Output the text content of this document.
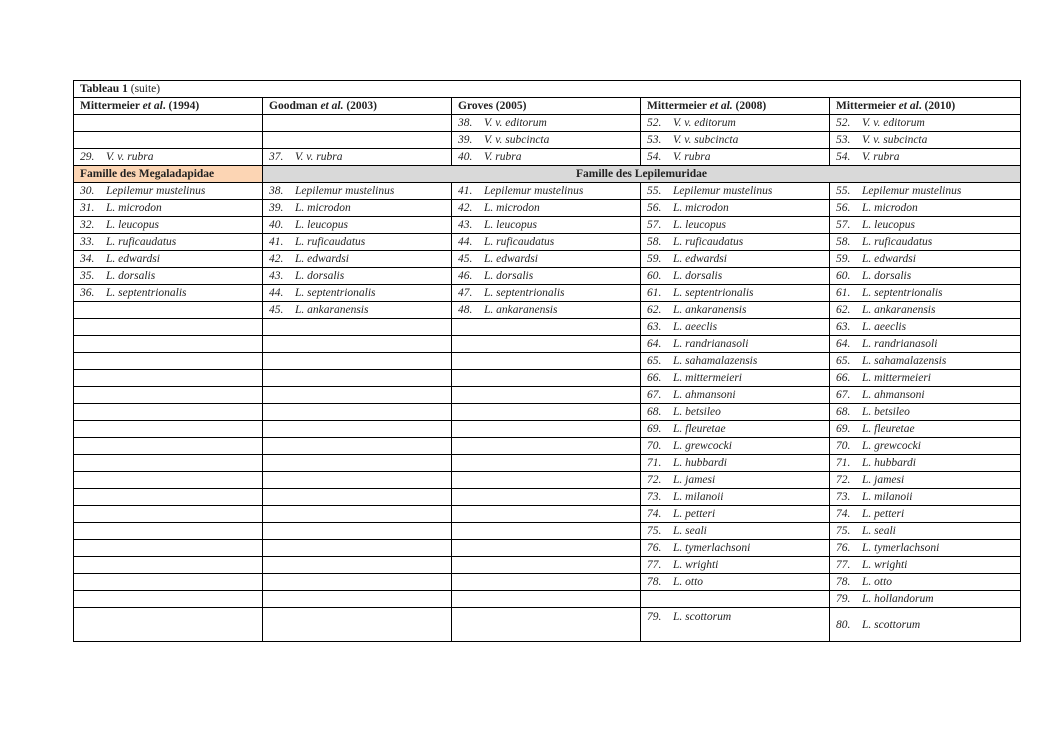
Tableau 1 (suite)				
Mittermeier et al. (1994)	Goodman et al. (2003)	Groves (2005)	Mittermeier et al. (2008)	Mittermeier et al. (2010)
		38. V. v. editorum	52. V. v. editorum	52. V. v. editorum
		39. V. v. subcincta	53. V. v. subcincta	53. V. v. subcincta
29. V. v. rubra	37. V. v. rubra	40. V. rubra	54. V. rubra	54. V. rubra
Famille des Megaladapidae	Famille des Lepilemuridae			
30. Lepilemur mustelinus	38. Lepilemur mustelinus	41. Lepilemur mustelinus	55. Lepilemur mustelinus	55. Lepilemur mustelinus
31. L. microdon	39. L. microdon	42. L. microdon	56. L. microdon	56. L. microdon
32. L. leucopus	40. L. leucopus	43. L. leucopus	57. L. leucopus	57. L. leucopus
33. L. ruficaudatus	41. L. ruficaudatus	44. L. ruficaudatus	58. L. ruficaudatus	58. L. ruficaudatus
34. L. edwardsi	42. L. edwardsi	45. L. edwardsi	59. L. edwardsi	59. L. edwardsi
35. L. dorsalis	43. L. dorsalis	46. L. dorsalis	60. L. dorsalis	60. L. dorsalis
36. L. septentrionalis	44. L. septentrionalis	47. L. septentrionalis	61. L. septentrionalis	61. L. septentrionalis
	45. L. ankaranensis	48. L. ankaranensis	62. L. ankaranensis	62. L. ankaranensis
			63. L. aeeclis	63. L. aeeclis
			64. L. randrianasoli	64. L. randrianasoli
			65. L. sahamalazensis	65. L. sahamalazensis
			66. L. mittermeieri	66. L. mittermeieri
			67. L. ahmansoni	67. L. ahmansoni
			68. L. betsileo	68. L. betsileo
			69. L. fleuretae	69. L. fleuretae
			70. L. grewcocki	70. L. grewcocki
			71. L. hubbardi	71. L. hubbardi
			72. L. jamesi	72. L. jamesi
			73. L. milanoii	73. L. milanoii
			74. L. petteri	74. L. petteri
			75. L. seali	75. L. seali
			76. L. tymerlachsoni	76. L. tymerlachsoni
			77. L. wrighti	77. L. wrighti
			78. L. otto	78. L. otto
				79. L. hollandorum
			79. L. scottorum	80. L. scottorum
